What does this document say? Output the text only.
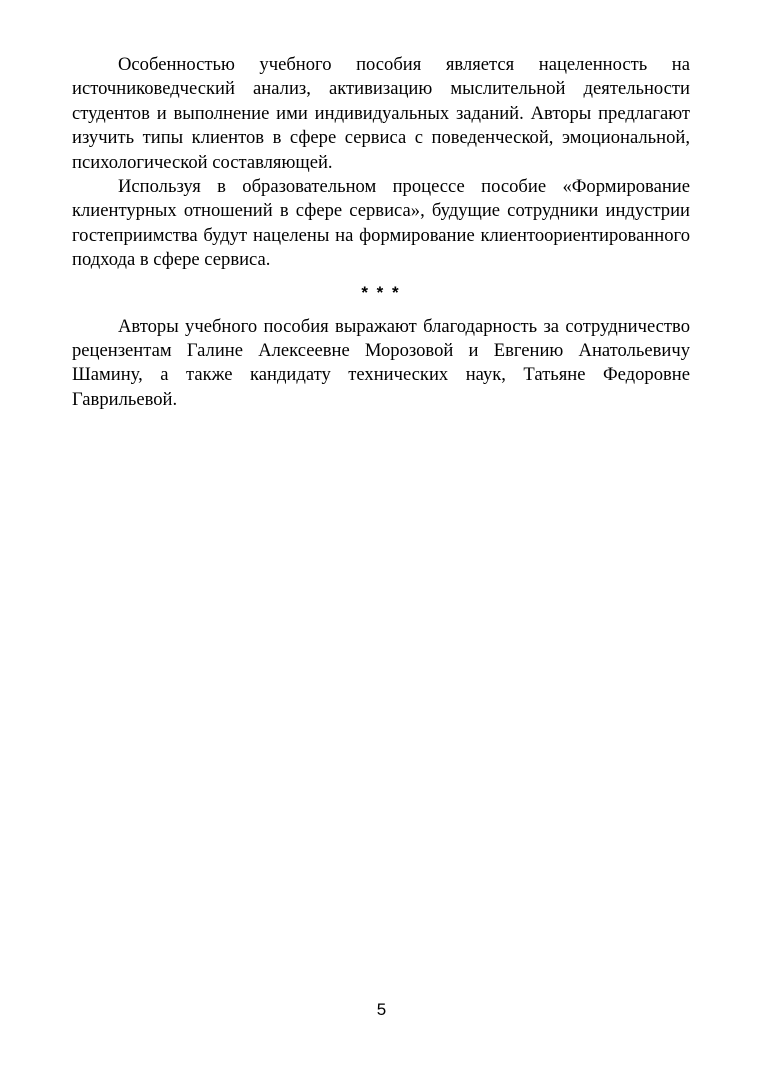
Особенностью учебного пособия является нацеленность на источниковедческий анализ, активизацию мыслительной деятельности студентов и выполнение ими индивидуальных заданий. Авторы предлагают изучить типы клиентов в сфере сервиса с поведенческой, эмоциональной, психологической составляющей.

Используя в образовательном процессе пособие «Формирование клиентурных отношений в сфере сервиса», будущие сотрудники индустрии гостеприимства будут нацелены на формирование клиентоориентированного подхода в сфере сервиса.

* * *

Авторы учебного пособия выражают благодарность за сотрудничество рецензентам Галине Алексеевне Морозовой и Евгению Анатольевичу Шамину, а также кандидату технических наук, Татьяне Федоровне Гаврильевой.

5
